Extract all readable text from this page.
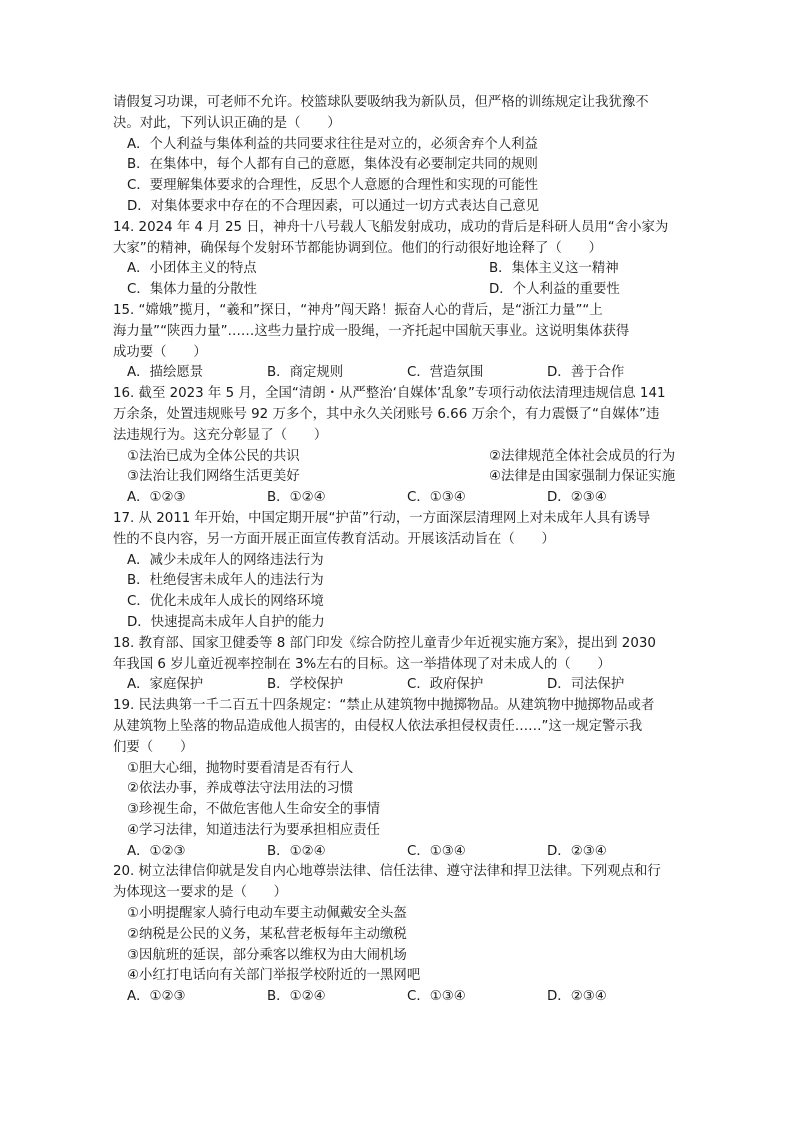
请假复习功课，可老师不允许。校篮球队要吸纳我为新队员，但严格的训练规定让我犹豫不
决。对此，下列认识正确的是（　　）
A．个人利益与集体利益的共同要求往往是对立的，必须舍弃个人利益
B．在集体中，每个人都有自己的意愿，集体没有必要制定共同的规则
C．要理解集体要求的合理性，反思个人意愿的合理性和实现的可能性
D．对集体要求中存在的不合理因素，可以通过一切方式表达自己意见
14. 2024 年 4 月 25 日，神舟十八号载人飞船发射成功，成功的背后是科研人员用“舍小家为
大家”的精神，确保每个发射环节都能协调到位。他们的行动很好地诠释了（　　）
A．小团体主义的特点	B．集体主义这一精神
C．集体力量的分散性	D．个人利益的重要性
15. “嫦娥”揽月，“羲和”探日，“神舟”闯天路！振奋人心的背后，是“浙江力量”“上
海力量”“陕西力量”……这些力量拧成一股绳，一齐托起中国航天事业。这说明集体获得
成功要（　　）
A．描绘愿景	B．商定规则	C．营造氛围	D．善于合作
16. 截至 2023 年 5 月，全国“清朗・从严整治‘自媒体’乱象”专项行动依法清理违规信息 141
万余条，处置违规账号 92 万多个，其中永久关闭账号 6.66 万余个，有力震慑了“自媒体”违
法违规行为。这充分彰显了（　　）
①法治已成为全体公民的共识	②法律规范全体社会成员的行为
③法治让我们网络生活更美好	④法律是由国家强制力保证实施
A．①②③	B．①②④	C．①③④	D．②③④
17. 从 2011 年开始，中国定期开展“护苗”行动，一方面深层清理网上对未成年人具有诱导
性的不良内容，另一方面开展正面宣传教育活动。开展该活动旨在（　　）
A．减少未成年人的网络违法行为
B．杜绝侵害未成年人的违法行为
C．优化未成年人成长的网络环境
D．快速提高未成年人自护的能力
18. 教育部、国家卫健委等 8 部门印发《综合防控儿童青少年近视实施方案》，提出到 2030
年我国 6 岁儿童近视率控制在 3%左右的目标。这一举措体现了对未成人的（　　）
A．家庭保护	B．学校保护	C．政府保护	D．司法保护
19. 民法典第一千二百五十四条规定：“禁止从建筑物中抛掷物品。从建筑物中抛掷物品或者
从建筑物上坠落的物品造成他人损害的，由侵权人依法承担侵权责任……”这一规定警示我
们要（　　）
①胆大心细，抛物时要看清是否有行人
②依法办事，养成尊法守法用法的习惯
③珍视生命，不做危害他人生命安全的事情
④学习法律，知道违法行为要承担相应责任
A．①②③	B．①②④	C．①③④	D．②③④
20. 树立法律信仰就是发自内心地尊崇法律、信任法律、遵守法律和捍卫法律。下列观点和行
为体现这一要求的是（　　）
①小明提醒家人骑行电动车要主动佩戴安全头盔
②纳税是公民的义务，某私营老板每年主动缴税
③因航班的延误，部分乘客以维权为由大闹机场
④小红打电话向有关部门举报学校附近的一黑网吧
A．①②③	B．①②④	C．①③④	D．②③④
